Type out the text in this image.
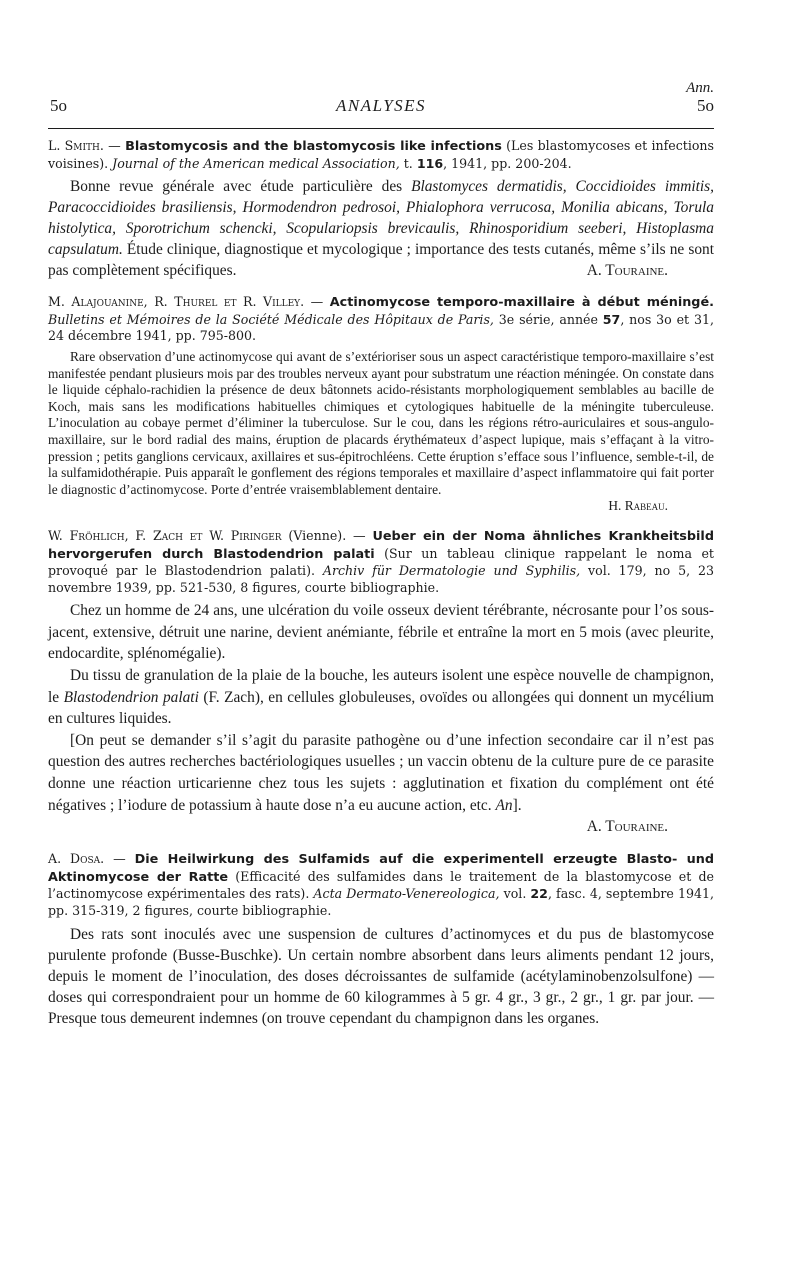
Ann.
5o	ANALYSES	5o

L. Smith. — Blastomycosis and the blastomycosis like infections (Les blastomycoses et infections voisines). Journal of the American medical Association, t. 116, 1941, pp. 200-204.

Bonne revue générale avec étude particulière des Blastomyces dermatidis, Coccidioides immitis, Paracoccidioides brasiliensis, Hormodendron pedrosoi, Phialophora verrucosa, Monilia abicans, Torula histolytica, Sporotrichum schencki, Scopulariopsis brevicaulis, Rhinosporidium seeberi, Histoplasma capsulatum. Étude clinique, diagnostique et mycologique ; importance des tests cutanés, même s’ils ne sont pas complètement spécifiques.	A. Touraine.

M. Alajouanine, R. Thurel et R. Villey. — Actinomycose temporo-maxillaire à début méningé. Bulletins et Mémoires de la Société Médicale des Hôpitaux de Paris, 3e série, année 57, nos 3o et 31, 24 décembre 1941, pp. 795-800.

Rare observation d’une actinomycose qui avant de s’extérioriser sous un aspect caractéristique temporo-maxillaire s’est manifestée pendant plusieurs mois par des troubles nerveux ayant pour substratum une réaction méningée. On constate dans le liquide céphalo-rachidien la présence de deux bâtonnets acido-résistants morphologiquement semblables au bacille de Koch, mais sans les modifications habituelles chimiques et cytologiques habituelle de la méningite tuberculeuse. L’inoculation au cobaye permet d’éliminer la tuberculose. Sur le cou, dans les régions rétro-auriculaires et sous-angulo-maxillaire, sur le bord radial des mains, éruption de placards érythémateux d’aspect lupique, mais s’effaçant à la vitro-pression ; petits ganglions cervicaux, axillaires et sus-épitrochléens. Cette éruption s’efface sous l’influence, semble-t-il, de la sulfamidothérapie. Puis apparaît le gonflement des régions temporales et maxillaire d’aspect inflammatoire qui fait porter le diagnostic d’actinomycose. Porte d’entrée vraisemblablement dentaire.

H. Rabeau.

W. Fröhlich, F. Zach et W. Piringer (Vienne). — Ueber ein der Noma ähnliches Krankheitsbild hervorgerufen durch Blastodendrion palati (Sur un tableau clinique rappelant le noma et provoqué par le Blastodendrion palati). Archiv für Dermatologie und Syphilis, vol. 179, no 5, 23 novembre 1939, pp. 521-530, 8 figures, courte bibliographie.

Chez un homme de 24 ans, une ulcération du voile osseux devient térébrante, nécrosante pour l’os sous-jacent, extensive, détruit une narine, devient anémiante, fébrile et entraîne la mort en 5 mois (avec pleurite, endocardite, splénomégalie).

Du tissu de granulation de la plaie de la bouche, les auteurs isolent une espèce nouvelle de champignon, le Blastodendrion palati (F. Zach), en cellules globuleuses, ovoïdes ou allongées qui donnent un mycélium en cultures liquides.

[On peut se demander s’il s’agit du parasite pathogène ou d’une infection secondaire car il n’est pas question des autres recherches bactériologiques usuelles ; un vaccin obtenu de la culture pure de ce parasite donne une réaction urticarienne chez tous les sujets : agglutination et fixation du complément ont été négatives ; l’iodure de potassium à haute dose n’a eu aucune action, etc. An].

A. Touraine.

A. Dosa. — Die Heilwirkung des Sulfamids auf die experimentell erzeugte Blasto- und Aktinomycose der Ratte (Efficacité des sulfamides dans le traitement de la blastomycose et de l’actinomycose expérimentales des rats). Acta Dermato-Venereologica, vol. 22, fasc. 4, septembre 1941, pp. 315-319, 2 figures, courte bibliographie.

Des rats sont inoculés avec une suspension de cultures d’actinomyces et du pus de blastomycose purulente profonde (Busse-Buschke). Un certain nombre absorbent dans leurs aliments pendant 12 jours, depuis le moment de l’inoculation, des doses décroissantes de sulfamide (acétylaminobenzolsulfone) — doses qui correspondraient pour un homme de 60 kilogrammes à 5 gr. 4 gr., 3 gr., 2 gr., 1 gr. par jour. — Presque tous demeurent indemnes (on trouve cependant du champignon dans les organes.
